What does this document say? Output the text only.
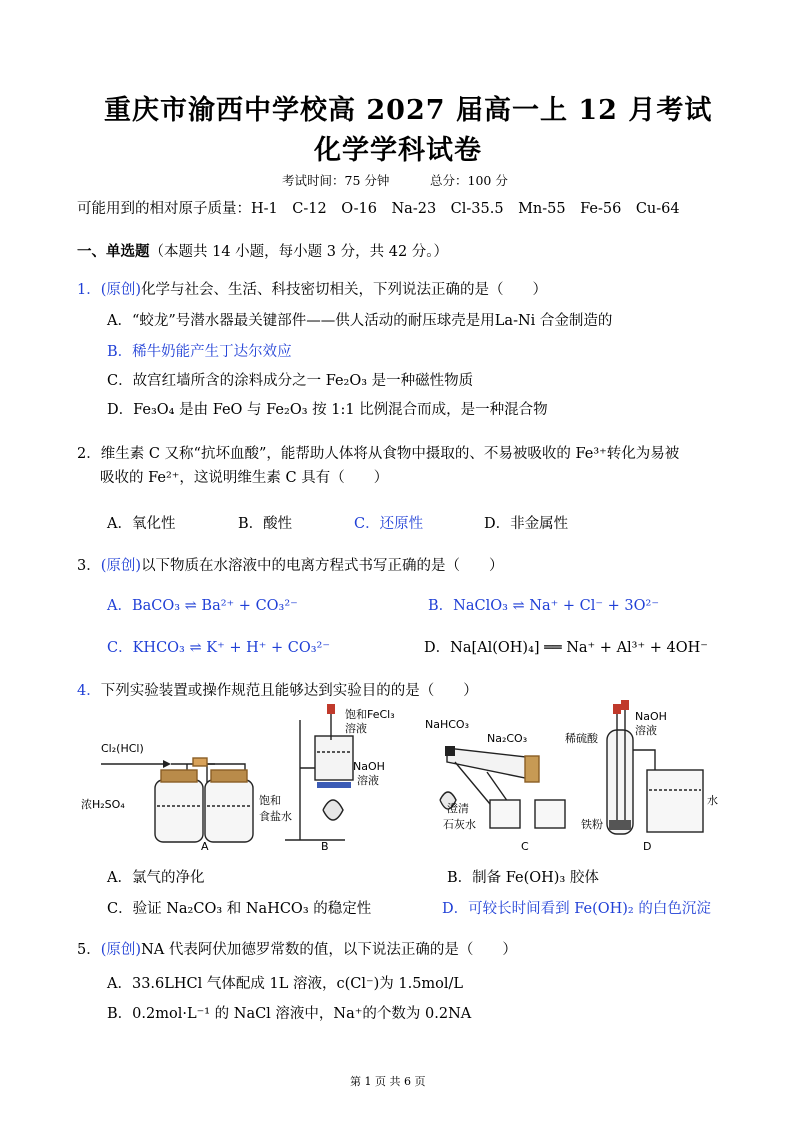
重庆市渝西中学校高 2027 届高一上 12 月考试
化学学科试卷
考试时间：75 分钟	总分：100 分
可能用到的相对原子质量：H-1　C-12　O-16　Na-23　Cl-35.5　Mn-55　Fe-56　Cu-64
一、单选题（本题共 14 小题，每小题 3 分，共 42 分。）
1．(原创)化学与社会、生活、科技密切相关，下列说法正确的是（　　）
A．“蛟龙”号潜水器最关键部件——供人活动的耐压球壳是用La-Ni 合金制造的
B．稀牛奶能产生丁达尔效应
C．故宫红墙所含的涂料成分之一 Fe₂O₃ 是一种磁性物质
D．Fe₃O₄ 是由 FeO 与 Fe₂O₃ 按 1:1 比例混合而成，是一种混合物
2．维生素 C 又称“抗坏血酸”，能帮助人体将从食物中摄取的、不易被吸收的 Fe³⁺转化为易被
吸收的 Fe²⁺，这说明维生素 C 具有（　　）
A．氧化性	B．酸性	C．还原性	D．非金属性
3．(原创)以下物质在水溶液中的电离方程式书写正确的是（　　）
A．BaCO₃ ⇌ Ba²⁺ + CO₃²⁻	B．NaClO₃ ⇌ Na⁺ + Cl⁻ + 3O²⁻
C．KHCO₃ ⇌ K⁺ + H⁺ + CO₃²⁻	D．Na[Al(OH)₄] ══ Na⁺ + Al³⁺ + 4OH⁻
4．下列实验装置或操作规范且能够达到实验目的的是（　　）
Cl₂(HCl)
浓H₂SO₄	饱和
食盐水
A
饱和FeCl₃
溶液
NaOH
溶液
B
NaHCO₃
Na₂CO₃
澄清
石灰水
C
NaOH
溶液
稀硫酸
水
铁粉
D
A．氯气的净化	B．制备 Fe(OH)₃ 胶体
C．验证 Na₂CO₃ 和 NaHCO₃ 的稳定性	D．可较长时间看到 Fe(OH)₂ 的白色沉淀
5．(原创)NA 代表阿伏加德罗常数的值，以下说法正确的是（　　）
A．33.6LHCl 气体配成 1L 溶液，c(Cl⁻)为 1.5mol/L
B．0.2mol·L⁻¹ 的 NaCl 溶液中，Na⁺的个数为 0.2NA
第 1 页 共 6 页
